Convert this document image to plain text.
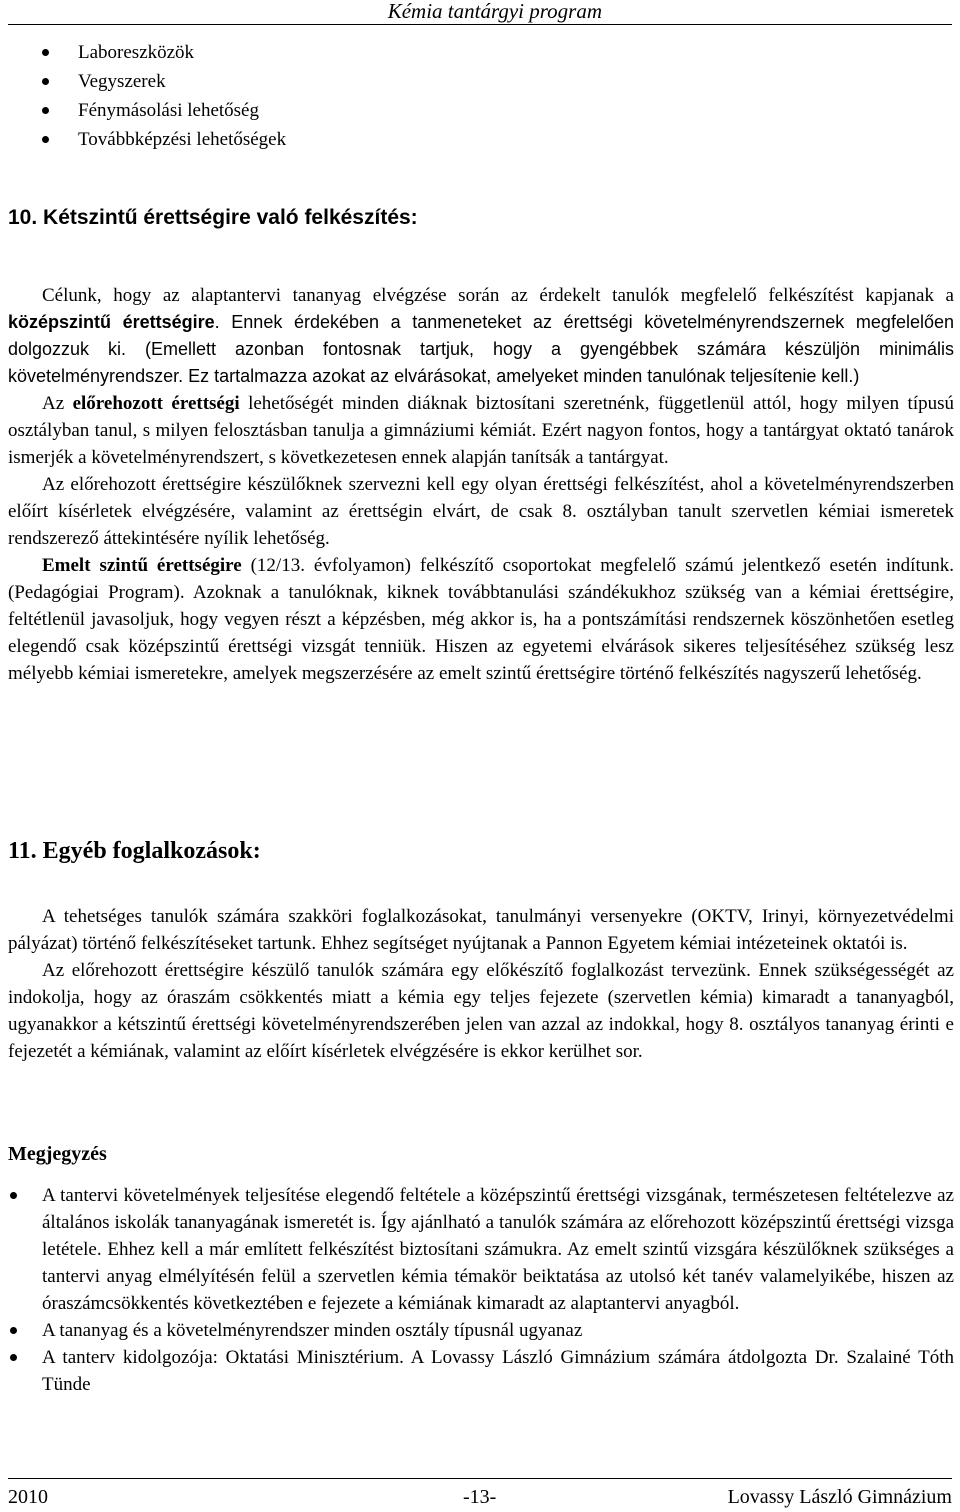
Kémia tantárgyi program
Laboreszközök
Vegyszerek
Fénymásolási lehetőség
Továbbképzési lehetőségek
10. Kétszintű érettségire való felkészítés:

Célunk, hogy az alaptantervi tananyag elvégzése során az érdekelt tanulók megfelelő felkészítést kapjanak a középszintű érettségire. Ennek érdekében a tanmeneteket az érettségi követelményrendszernek megfelelően dolgozzuk ki. (Emellett azonban fontosnak tartjuk, hogy a gyengébbek számára készüljön minimális követelményrendszer. Ez tartalmazza azokat az elvárásokat, amelyeket minden tanulónak teljesítenie kell.)

Az előrehozott érettségi lehetőségét minden diáknak biztosítani szeretnénk, függetlenül attól, hogy milyen típusú osztályban tanul, s milyen felosztásban tanulja a gimnáziumi kémiát. Ezért nagyon fontos, hogy a tantárgyat oktató tanárok ismerjék a követelményrendszert, s következetesen ennek alapján tanítsák a tantárgyat.

Az előrehozott érettségire készülőknek szervezni kell egy olyan érettségi felkészítést, ahol a követelményrendszerben előírt kísérletek elvégzésére, valamint az érettségin elvárt, de csak 8. osztályban tanult szervetlen kémiai ismeretek rendszerező áttekintésére nyílik lehetőség.

Emelt szintű érettségire (12/13. évfolyamon) felkészítő csoportokat megfelelő számú jelentkező esetén indítunk. (Pedagógiai Program). Azoknak a tanulóknak, kiknek továbbtanulási szándékukhoz szükség van a kémiai érettségire, feltétlenül javasoljuk, hogy vegyen részt a képzésben, még akkor is, ha a pontszámítási rendszernek köszönhetően esetleg elegendő csak középszintű érettségi vizsgát tenniük. Hiszen az egyetemi elvárások sikeres teljesítéséhez szükség lesz mélyebb kémiai ismeretekre, amelyek megszerzésére az emelt szintű érettségire történő felkészítés nagyszerű lehetőség.

11. Egyéb foglalkozások:

A tehetséges tanulók számára szakköri foglalkozásokat, tanulmányi versenyekre (OKTV, Irinyi, környezetvédelmi pályázat) történő felkészítéseket tartunk. Ehhez segítséget nyújtanak a Pannon Egyetem kémiai intézeteinek oktatói is.

Az előrehozott érettségire készülő tanulók számára egy előkészítő foglalkozást tervezünk. Ennek szükségességét az indokolja, hogy az óraszám csökkentés miatt a kémia egy teljes fejezete (szervetlen kémia) kimaradt a tananyagból, ugyanakkor a kétszintű érettségi követelményrendszerében jelen van azzal az indokkal, hogy 8. osztályos tananyag érinti e fejezetét a kémiának, valamint az előírt kísérletek elvégzésére is ekkor kerülhet sor.

Megjegyzés
A tantervi követelmények teljesítése elegendő feltétele a középszintű érettségi vizsgának, természetesen feltételezve az általános iskolák tananyagának ismeretét is. Így ajánlható a tanulók számára az előrehozott középszintű érettségi vizsga letétele. Ehhez kell a már említett felkészítést biztosítani számukra. Az emelt szintű vizsgára készülőknek szükséges a tantervi anyag elmélyítésén felül a szervetlen kémia témakör beiktatása az utolsó két tanév valamelyikébe, hiszen az óraszámcsökkentés következtében e fejezete a kémiának kimaradt az alaptantervi anyagból.
A tananyag és a követelményrendszer minden osztály típusnál ugyanaz
A tanterv kidolgozója: Oktatási Minisztérium. A Lovassy László Gimnázium számára átdolgozta Dr. Szalainé Tóth Tünde
2010	-13-	Lovassy László Gimnázium
